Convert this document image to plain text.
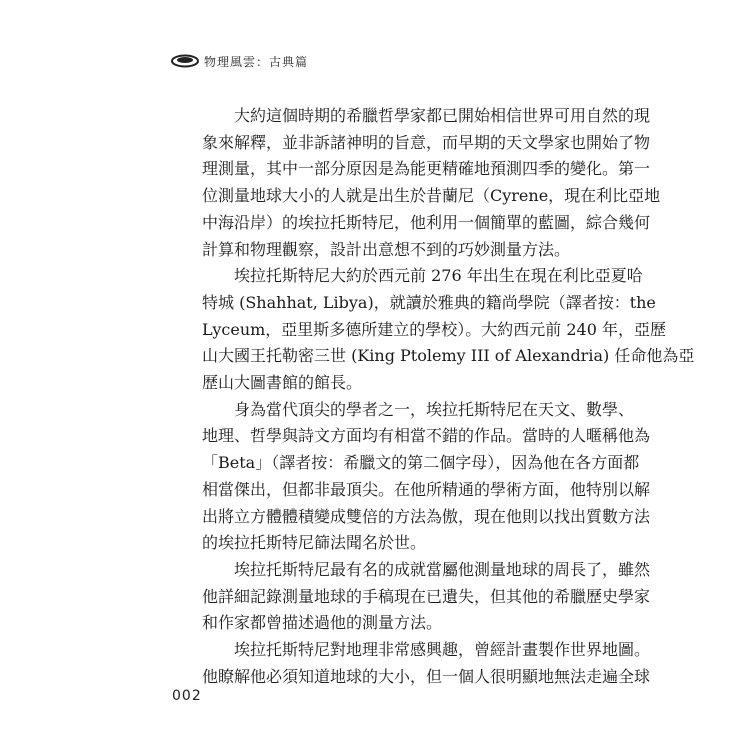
物理風雲：古典篇

大約這個時期的希臘哲學家都已開始相信世界可用自然的現
象來解釋，並非訴諸神明的旨意，而早期的天文學家也開始了物
理測量，其中一部分原因是為能更精確地預測四季的變化。第一
位測量地球大小的人就是出生於昔蘭尼（Cyrene，現在利比亞地
中海沿岸）的埃拉托斯特尼，他利用一個簡單的藍圖，綜合幾何
計算和物理觀察，設計出意想不到的巧妙測量方法。

埃拉托斯特尼大約於西元前 276 年出生在現在利比亞夏哈
特城 (Shahhat, Libya)，就讀於雅典的籍尚學院（譯者按：the
Lyceum，亞里斯多德所建立的學校）。大約西元前 240 年，亞歷
山大國王托勒密三世 (King Ptolemy III of Alexandria) 任命他為亞
歷山大圖書館的館長。

身為當代頂尖的學者之一，埃拉托斯特尼在天文、數學、
地理、哲學與詩文方面均有相當不錯的作品。當時的人暱稱他為
「Beta」（譯者按：希臘文的第二個字母），因為他在各方面都
相當傑出，但都非最頂尖。在他所精通的學術方面，他特別以解
出將立方體體積變成雙倍的方法為傲，現在他則以找出質數方法
的埃拉托斯特尼篩法聞名於世。

埃拉托斯特尼最有名的成就當屬他測量地球的周長了，雖然
他詳細記錄測量地球的手稿現在已遺失，但其他的希臘歷史學家
和作家都曾描述過他的測量方法。

埃拉托斯特尼對地理非常感興趣，曾經計畫製作世界地圖。
他瞭解他必須知道地球的大小，但一個人很明顯地無法走遍全球

002
